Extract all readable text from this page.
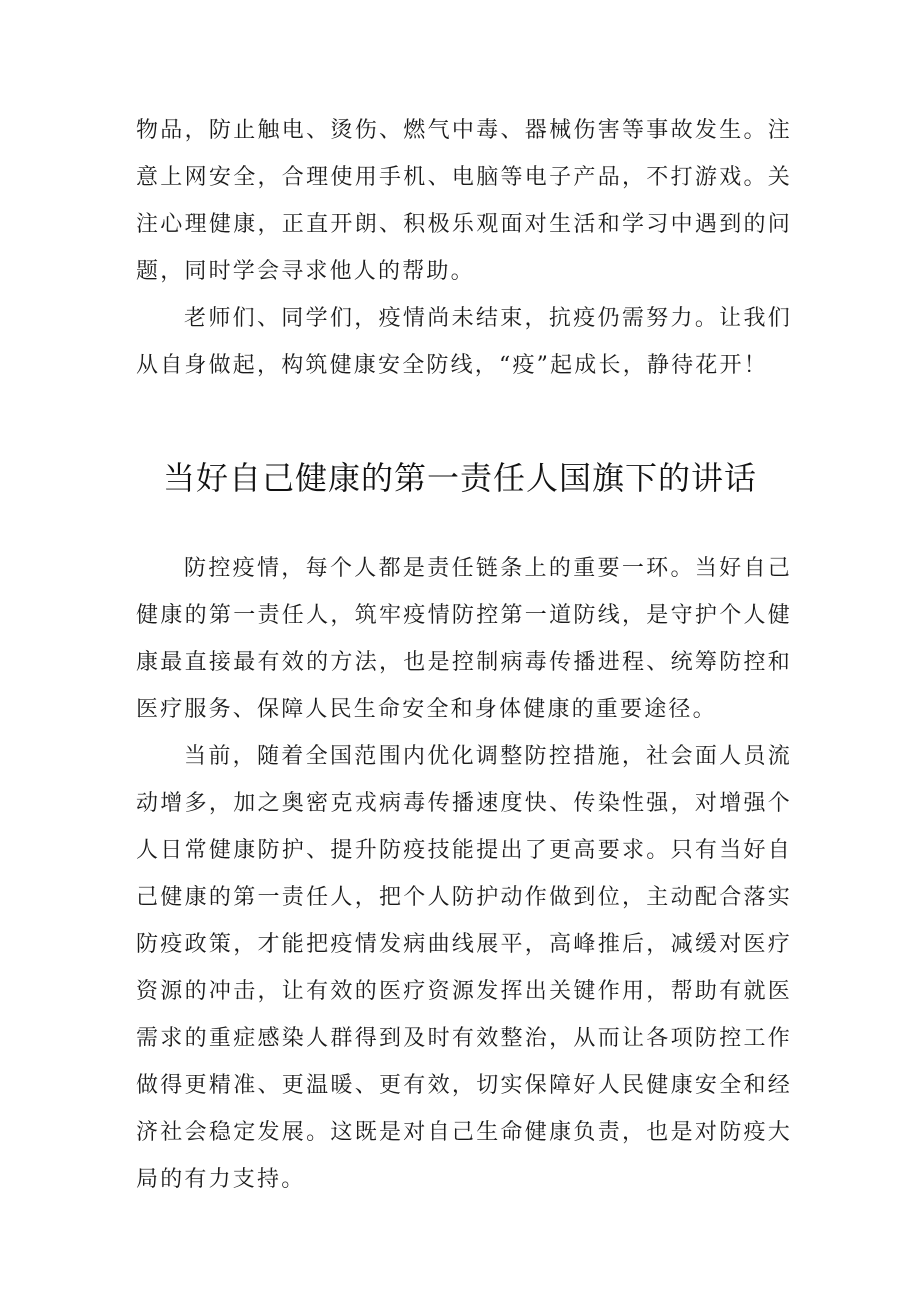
物品，防止触电、烫伤、燃气中毒、器械伤害等事故发生。注意上网安全，合理使用手机、电脑等电子产品，不打游戏。关注心理健康，正直开朗、积极乐观面对生活和学习中遇到的问题，同时学会寻求他人的帮助。

老师们、同学们，疫情尚未结束，抗疫仍需努力。让我们从自身做起，构筑健康安全防线，“疫”起成长，静待花开！

当好自己健康的第一责任人国旗下的讲话

防控疫情，每个人都是责任链条上的重要一环。当好自己健康的第一责任人，筑牢疫情防控第一道防线，是守护个人健康最直接最有效的方法，也是控制病毒传播进程、统筹防控和医疗服务、保障人民生命安全和身体健康的重要途径。

当前，随着全国范围内优化调整防控措施，社会面人员流动增多，加之奥密克戎病毒传播速度快、传染性强，对增强个人日常健康防护、提升防疫技能提出了更高要求。只有当好自己健康的第一责任人，把个人防护动作做到位，主动配合落实防疫政策，才能把疫情发病曲线展平，高峰推后，减缓对医疗资源的冲击，让有效的医疗资源发挥出关键作用，帮助有就医需求的重症感染人群得到及时有效整治，从而让各项防控工作做得更精准、更温暖、更有效，切实保障好人民健康安全和经济社会稳定发展。这既是对自己生命健康负责，也是对防疫大局的有力支持。
